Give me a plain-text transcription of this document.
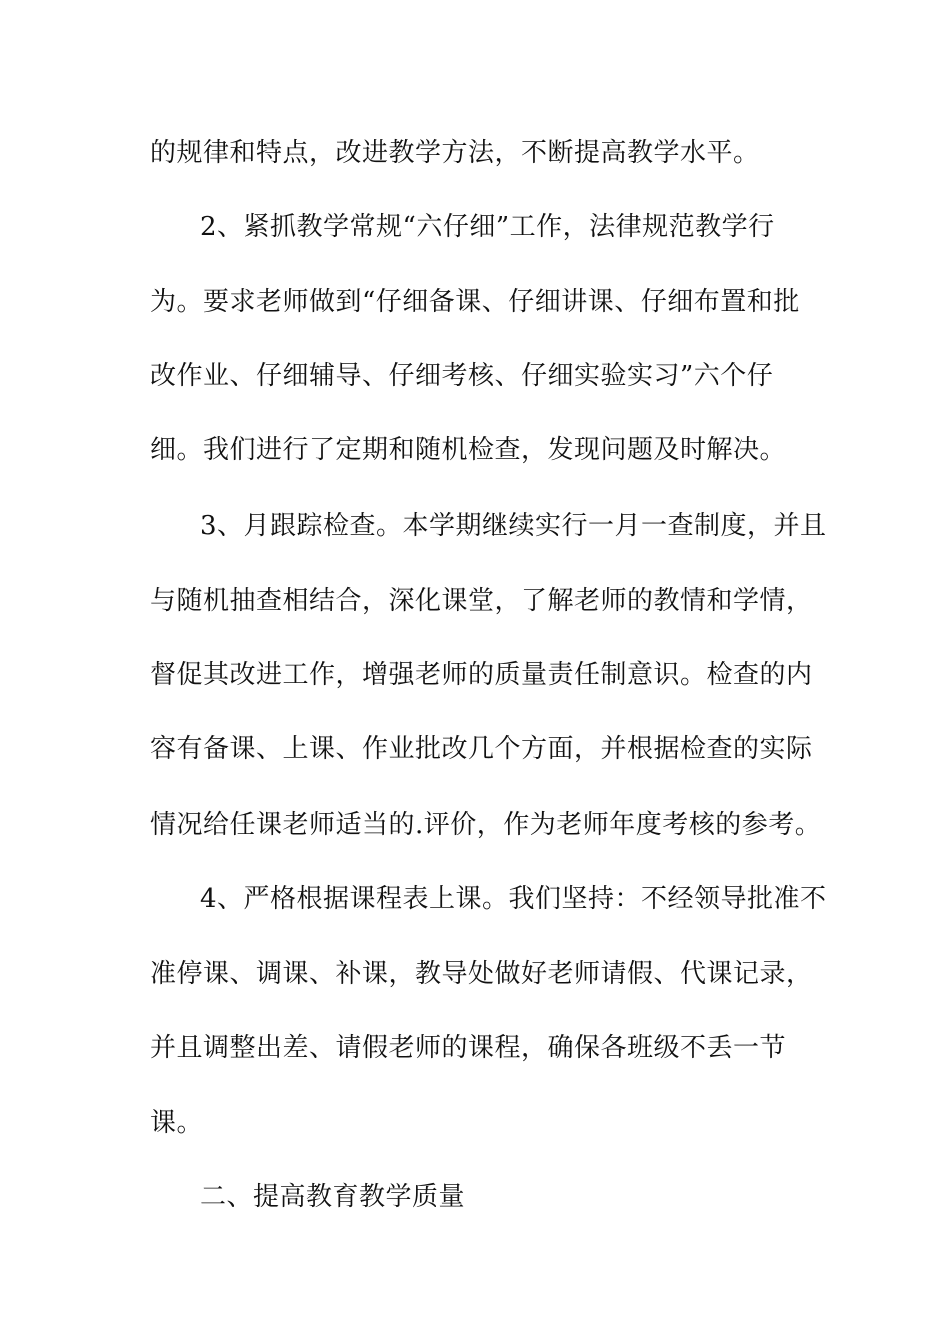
的规律和特点，改进教学方法，不断提高教学水平。
2、紧抓教学常规“六仔细”工作，法律规范教学行
为。要求老师做到“仔细备课、仔细讲课、仔细布置和批
改作业、仔细辅导、仔细考核、仔细实验实习”六个仔
细。我们进行了定期和随机检查，发现问题及时解决。
3、月跟踪检查。本学期继续实行一月一查制度，并且
与随机抽查相结合，深化课堂，了解老师的教情和学情，
督促其改进工作，增强老师的质量责任制意识。检查的内
容有备课、上课、作业批改几个方面，并根据检查的实际
情况给任课老师适当的.评价，作为老师年度考核的参考。
4、严格根据课程表上课。我们坚持：不经领导批准不
准停课、调课、补课，教导处做好老师请假、代课记录，
并且调整出差、请假老师的课程，确保各班级不丢一节
课。
二、提高教育教学质量
